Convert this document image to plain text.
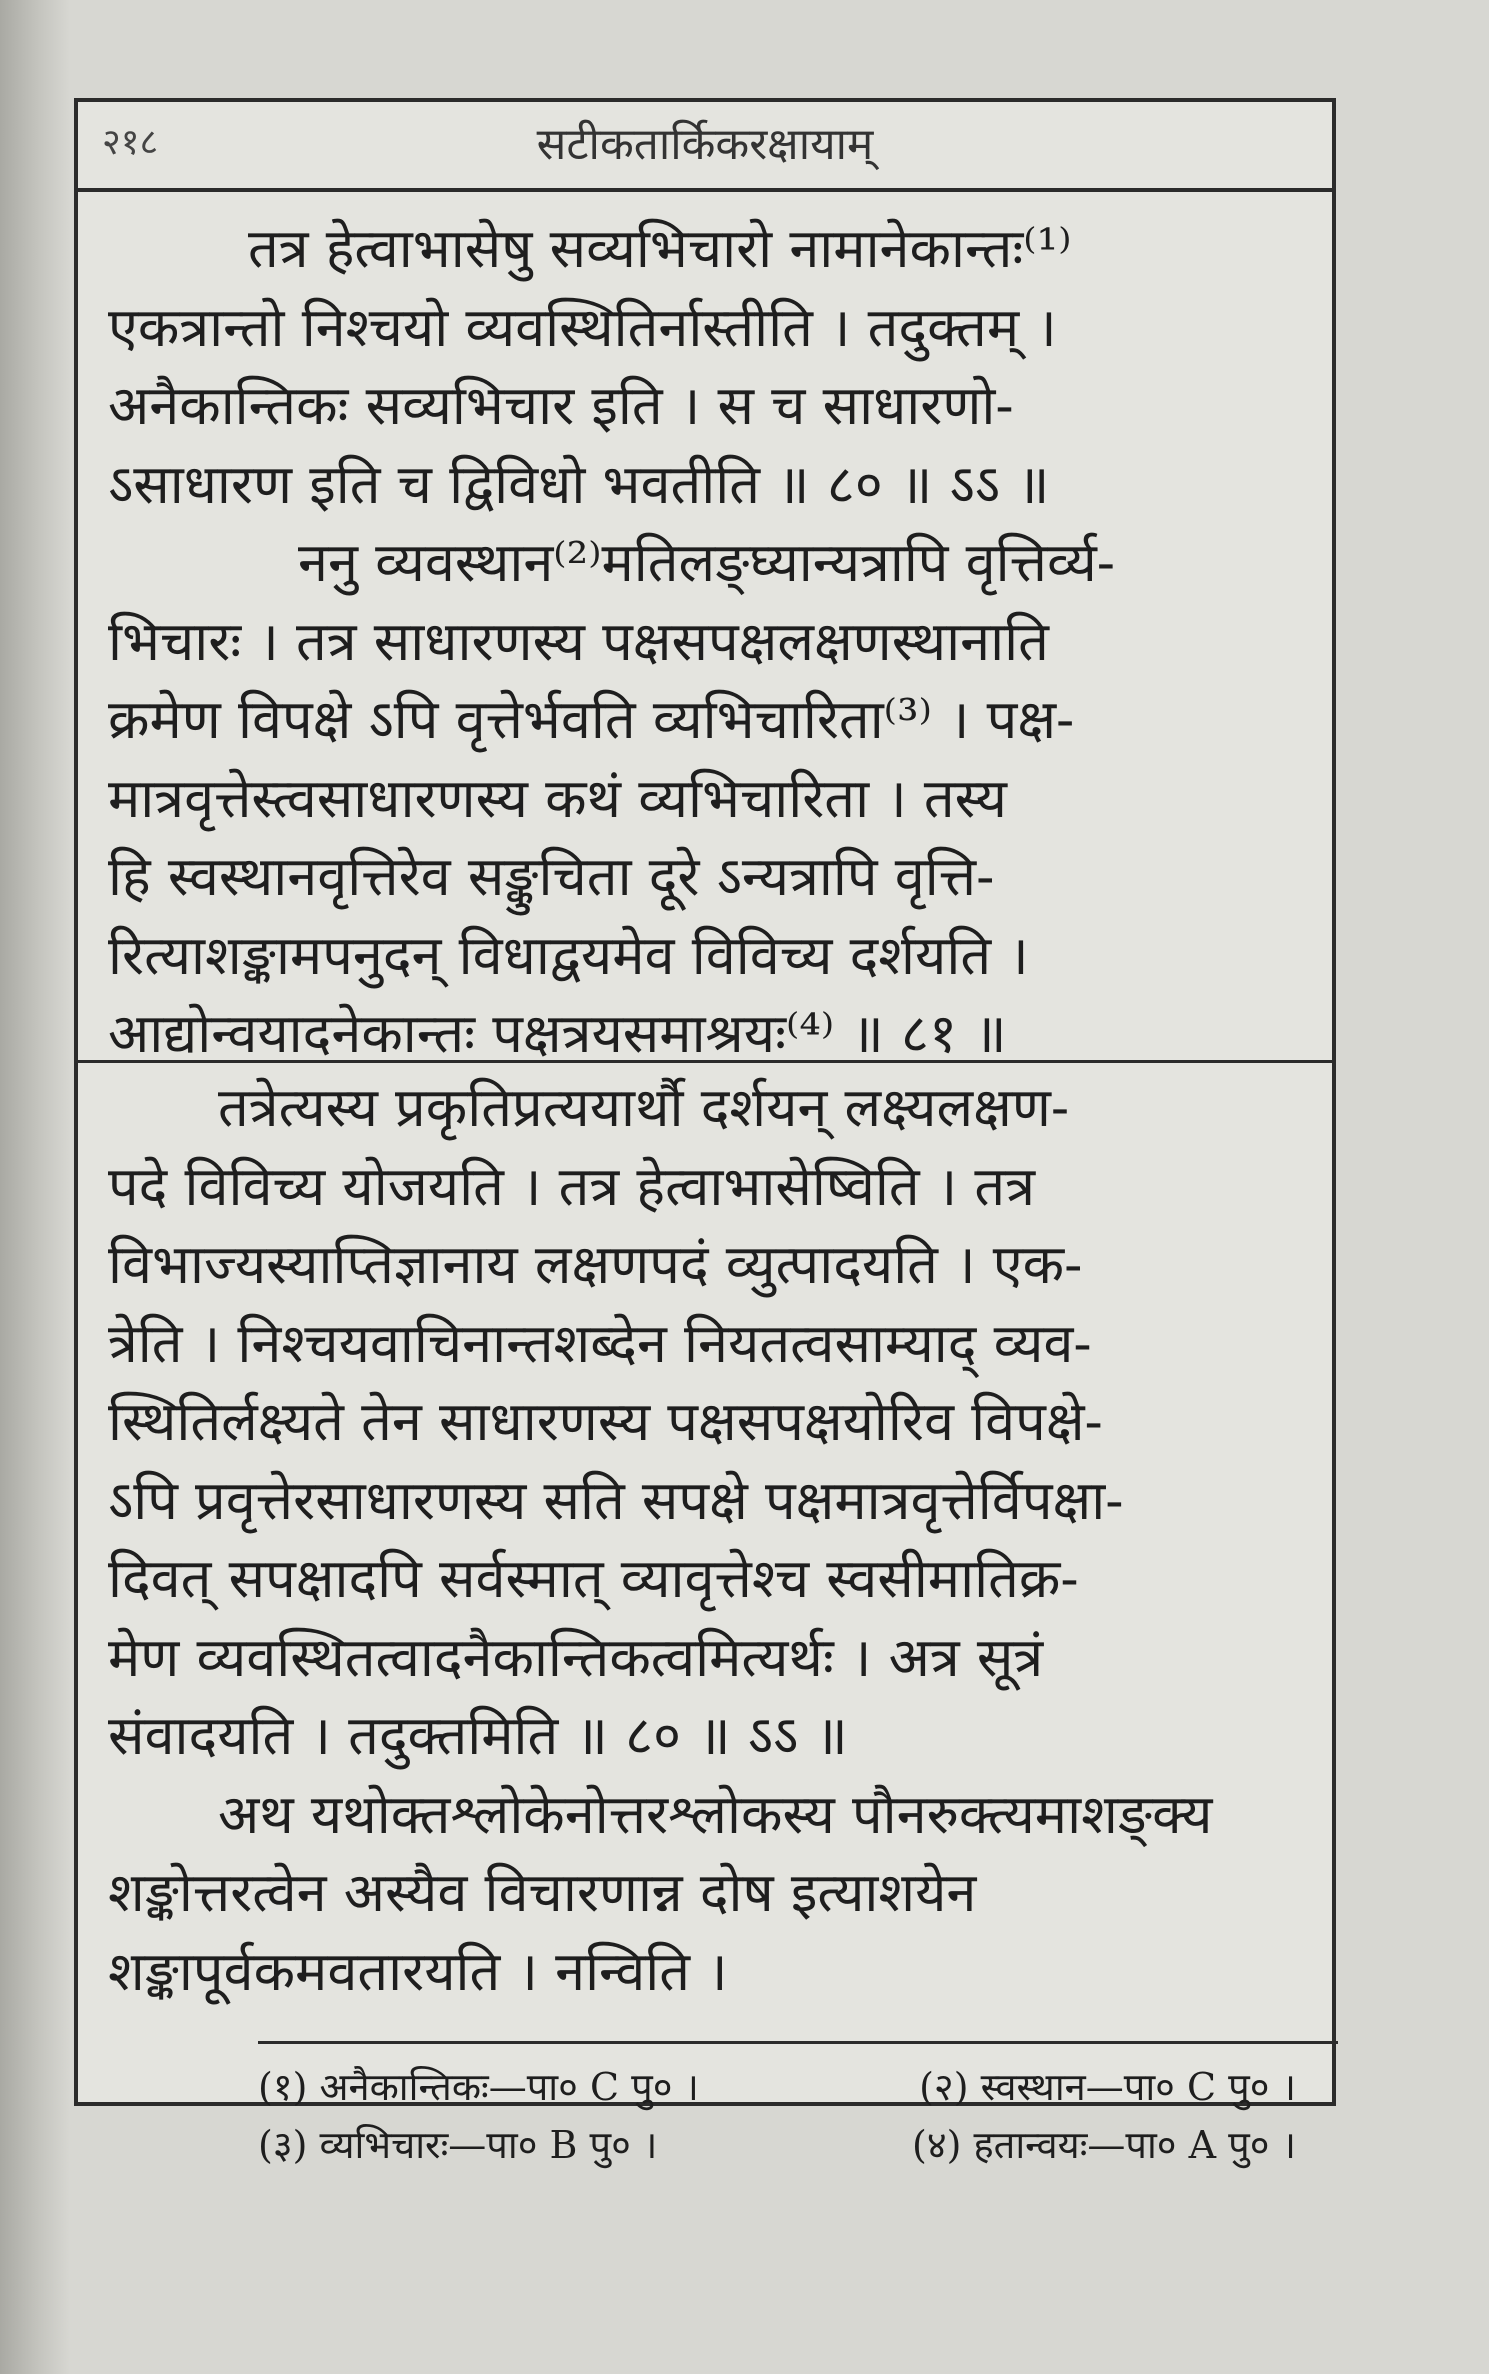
२१८	सटीकतार्किकरक्षायाम्

तत्र हेत्वाभासेषु सव्यभिचारो नामानेकान्तः⁽¹⁾
एकत्रान्तो निश्चयो व्यवस्थितिर्नास्तीति । तदुक्तम् ।
अनैकान्तिकः सव्यभिचार इति । स च साधारणो-
ऽसाधारण इति च द्विविधो भवतीति ॥ ८० ॥ ऽऽ ॥

ननु व्यवस्थान⁽²⁾मतिलङ्घ्यान्यत्रापि वृत्तिर्व्य-
भिचारः । तत्र साधारणस्य पक्षसपक्षलक्षणस्थानाति
क्रमेण विपक्षे ऽपि वृत्तेर्भवति व्यभिचारिता⁽³⁾ । पक्ष-
मात्रवृत्तेस्त्वसाधारणस्य कथं व्यभिचारिता । तस्य
हि स्वस्थानवृत्तिरेव सङ्कुचिता दूरे ऽन्यत्रापि वृत्ति-
रित्याशङ्कामपनुदन् विधाद्वयमेव विविच्य दर्शयति ।
आद्योन्वयादनेकान्तः पक्षत्रयसमाश्रयः⁽⁴⁾ ॥ ८१ ॥

तत्रेत्यस्य प्रकृतिप्रत्ययार्थौ दर्शयन् लक्ष्यलक्षण-
पदे विविच्य योजयति । तत्र हेत्वाभासेष्विति । तत्र
विभाज्यस्याप्तिज्ञानाय लक्षणपदं व्युत्पादयति । एक-
त्रेति । निश्चयवाचिनान्तशब्देन नियतत्वसाम्याद् व्यव-
स्थितिर्लक्ष्यते तेन साधारणस्य पक्षसपक्षयोरिव विपक्षे-
ऽपि प्रवृत्तेरसाधारणस्य सति सपक्षे पक्षमात्रवृत्तेर्विपक्षा-
दिवत् सपक्षादपि सर्वस्मात् व्यावृत्तेश्च स्वसीमातिक्र-
मेण व्यवस्थितत्वादनैकान्तिकत्वमित्यर्थः । अत्र सूत्रं
संवादयति । तदुक्तमिति ॥ ८० ॥ ऽऽ ॥

अथ यथोक्तश्लोकेनोत्तरश्लोकस्य पौनरुक्त्यमाशङ्क्य
शङ्कोत्तरत्वेन अस्यैव विचारणान्न दोष इत्याशयेन
शङ्कापूर्वकमवतारयति । नन्विति ।

(१) अनैकान्तिकः—पा० C पु० ।	(२) स्वस्थान—पा० C पु० ।
(३) व्यभिचारः—पा० B पु० ।	(४) हतान्वयः—पा० A पु० ।
